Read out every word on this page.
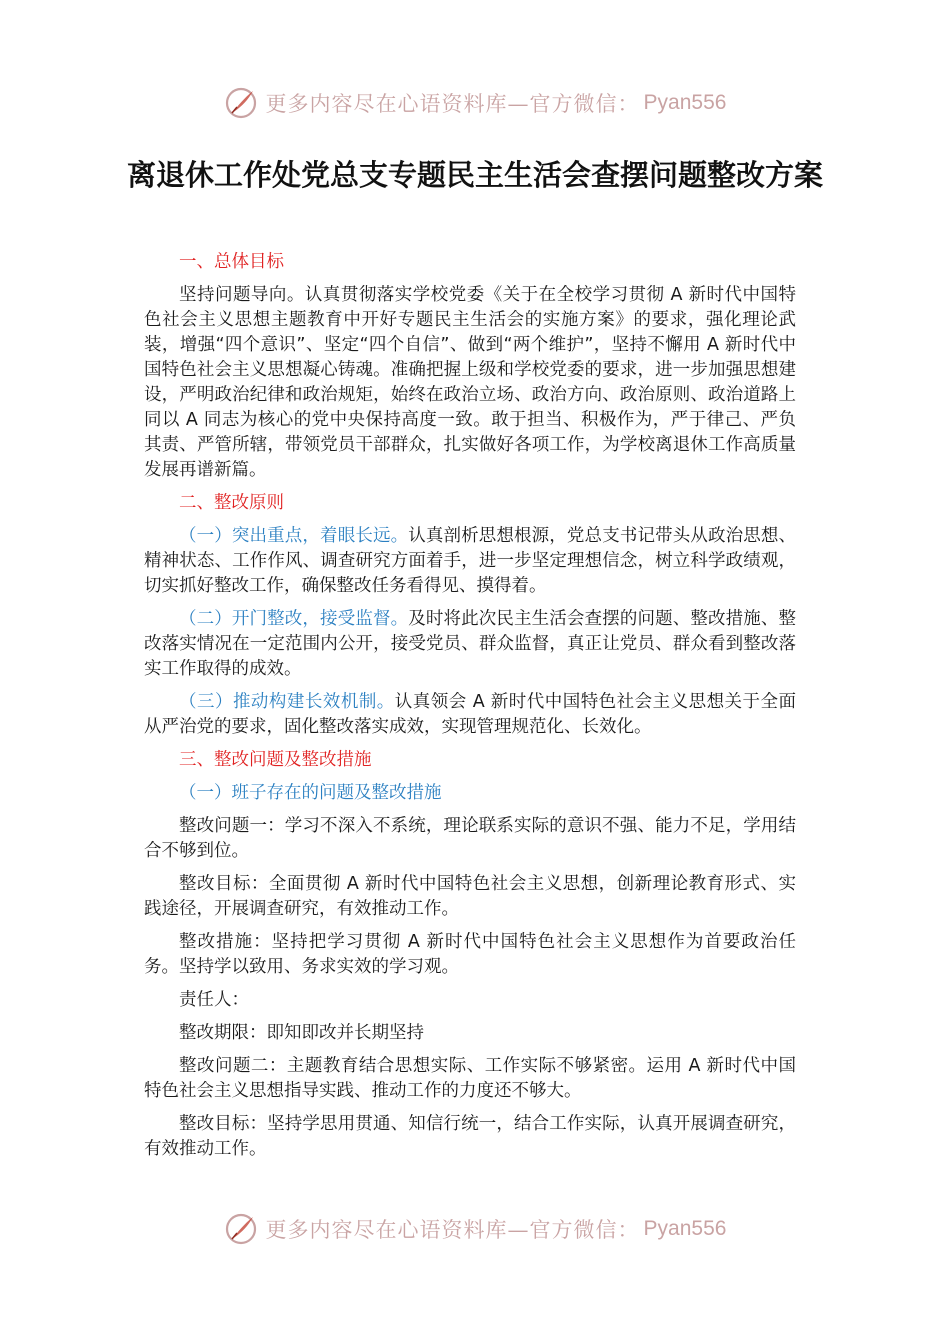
更多内容尽在心语资料库—官方微信： Pyan556
离退休工作处党总支专题民主生活会查摆问题整改方案

一、总体目标

坚持问题导向。认真贯彻落实学校党委《关于在全校学习贯彻 A 新时代中国特色社会主义思想主题教育中开好专题民主生活会的实施方案》的要求，强化理论武装，增强“四个意识”、坚定“四个自信”、做到“两个维护”，坚持不懈用 A 新时代中国特色社会主义思想凝心铸魂。准确把握上级和学校党委的要求，进一步加强思想建设，严明政治纪律和政治规矩，始终在政治立场、政治方向、政治原则、政治道路上同以 A 同志为核心的党中央保持高度一致。敢于担当、积极作为，严于律己、严负其责、严管所辖，带领党员干部群众，扎实做好各项工作，为学校离退休工作高质量发展再谱新篇。

二、整改原则

（一）突出重点，着眼长远。认真剖析思想根源，党总支书记带头从政治思想、精神状态、工作作风、调查研究方面着手，进一步坚定理想信念，树立科学政绩观，切实抓好整改工作，确保整改任务看得见、摸得着。

（二）开门整改，接受监督。及时将此次民主生活会查摆的问题、整改措施、整改落实情况在一定范围内公开，接受党员、群众监督，真正让党员、群众看到整改落实工作取得的成效。

（三）推动构建长效机制。认真领会 A 新时代中国特色社会主义思想关于全面从严治党的要求，固化整改落实成效，实现管理规范化、长效化。

三、整改问题及整改措施

（一）班子存在的问题及整改措施

整改问题一：学习不深入不系统，理论联系实际的意识不强、能力不足，学用结合不够到位。

整改目标：全面贯彻 A 新时代中国特色社会主义思想，创新理论教育形式、实践途径，开展调查研究，有效推动工作。

整改措施：坚持把学习贯彻 A 新时代中国特色社会主义思想作为首要政治任务。坚持学以致用、务求实效的学习观。

责任人：

整改期限：即知即改并长期坚持

整改问题二：主题教育结合思想实际、工作实际不够紧密。运用 A 新时代中国特色社会主义思想指导实践、推动工作的力度还不够大。

整改目标：坚持学思用贯通、知信行统一，结合工作实际，认真开展调查研究，有效推动工作。

更多内容尽在心语资料库—官方微信： Pyan556
